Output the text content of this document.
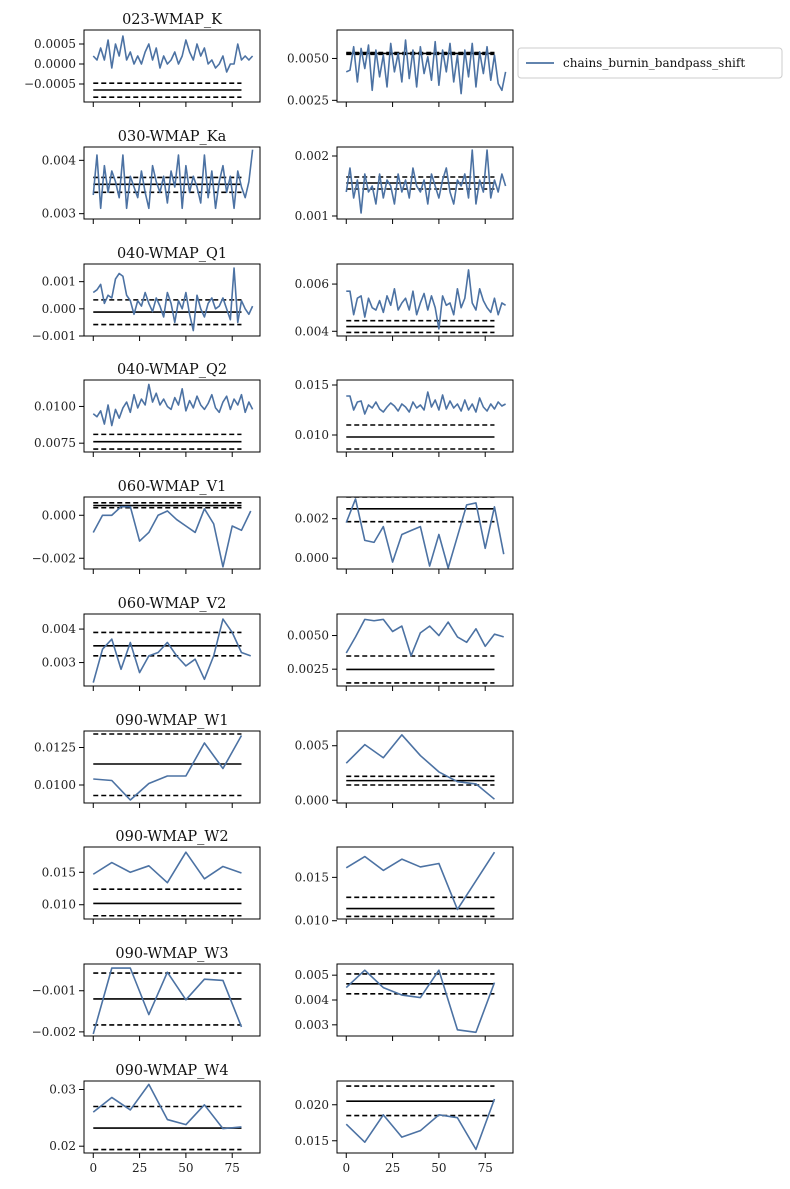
−0.0005
0.0000
0.0005
023-WMAP_K
0.0025
0.0050
0.003
0.004
030-WMAP_Ka
0.001
0.002
−0.001
0.000
0.001
040-WMAP_Q1
0.004
0.006
0.0075
0.0100
040-WMAP_Q2
0.010
0.015
−0.002
0.000
060-WMAP_V1
0.000
0.002
0.003
0.004
060-WMAP_V2
0.0025
0.0050
0.0100
0.0125
090-WMAP_W1
0.000
0.005
0.010
0.015
090-WMAP_W2
0.010
0.015
−0.002
−0.001
090-WMAP_W3
0.003
0.004
0.005
0.02
0.03
0	25	50	75
090-WMAP_W4
0.015
0.020
0	25	50	75
chains_burnin_bandpass_shift
